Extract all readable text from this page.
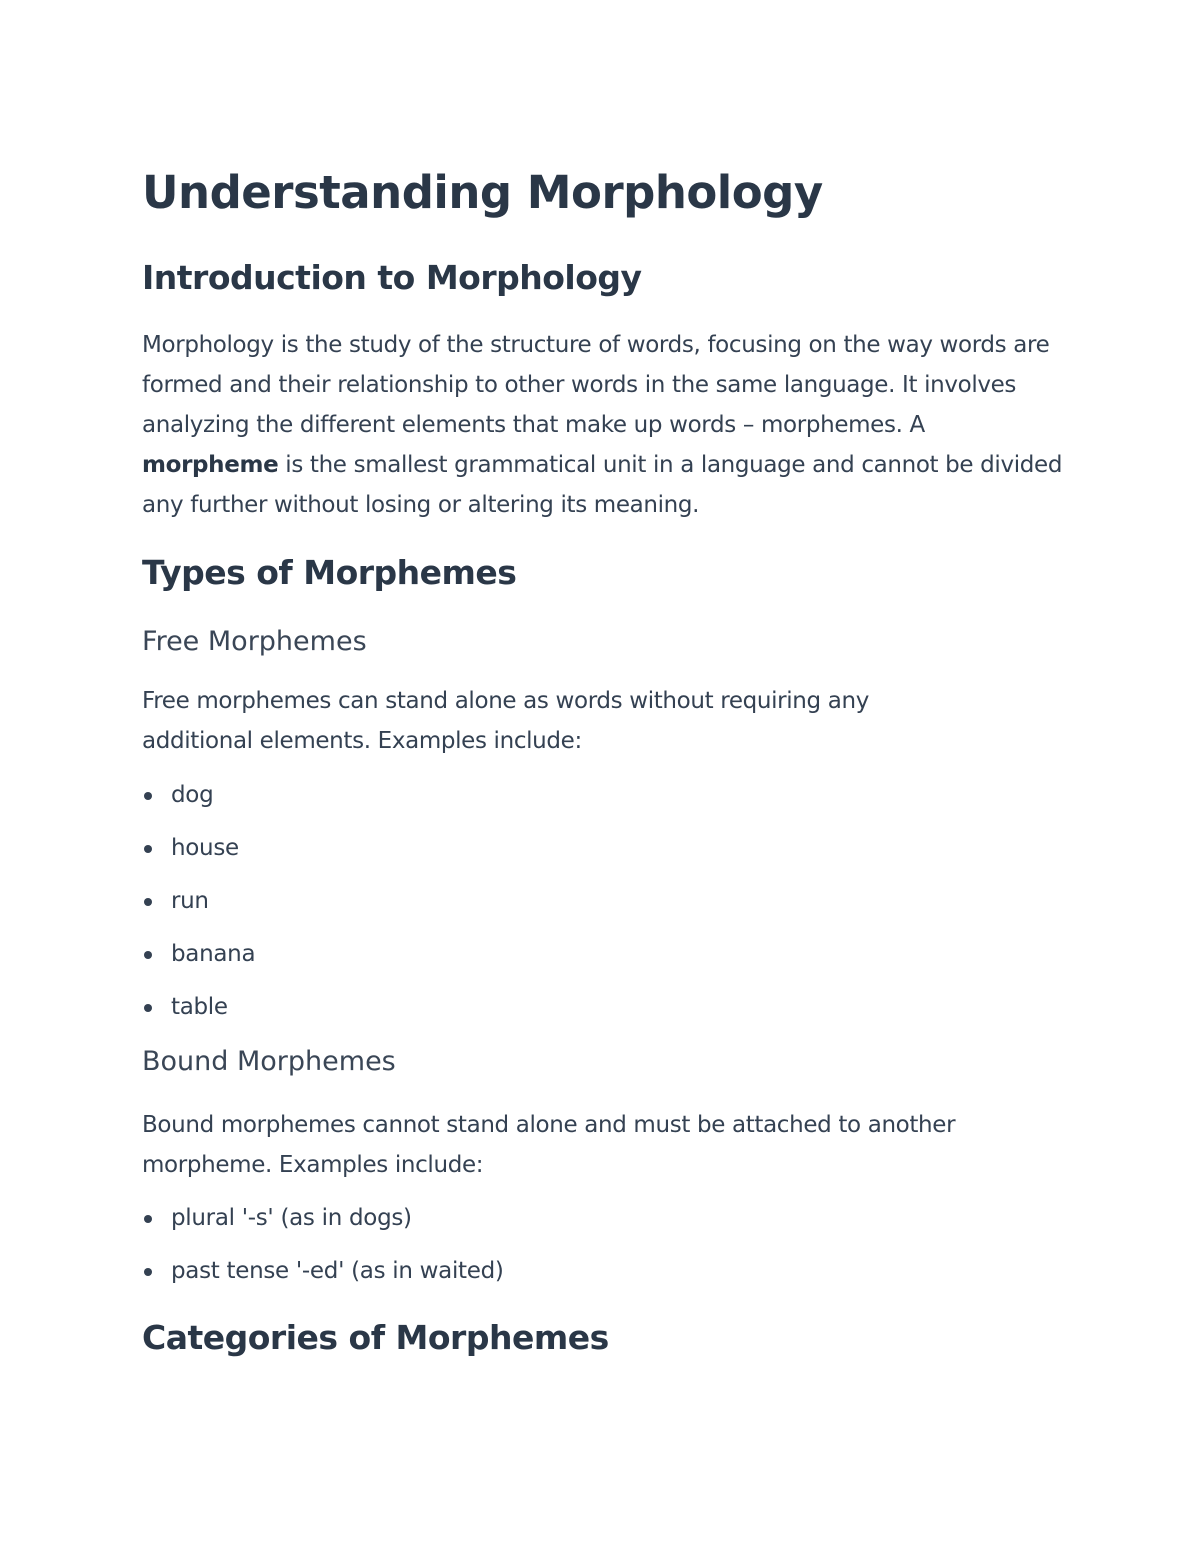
Understanding Morphology
Introduction to Morphology

Morphology is the study of the structure of words, focusing on the way words are formed and their relationship to other words in the same language. It involves analyzing the different elements that make up words – morphemes. A morpheme is the smallest grammatical unit in a language and cannot be divided any further without losing or altering its meaning.

Types of Morphemes
Free Morphemes

Free morphemes can stand alone as words without requiring any additional elements. Examples include:

dog
house
run
banana
table
Bound Morphemes

Bound morphemes cannot stand alone and must be attached to another morpheme. Examples include:

plural '-s' (as in dogs)
past tense '-ed' (as in waited)
Categories of Morphemes
